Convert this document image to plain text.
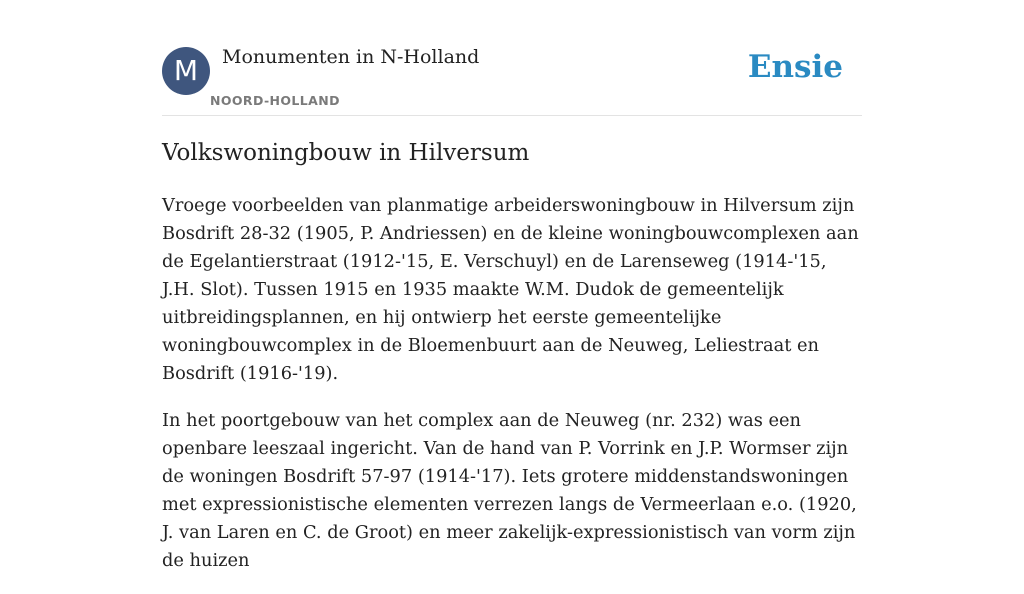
M	Monumenten in N-Holland
NOORD-HOLLAND
Ensie
Volkswoningbouw in Hilversum

Vroege voorbeelden van planmatige arbeiderswoningbouw in Hilversum zijn Bosdrift 28-32 (1905, P. Andriessen) en de kleine woningbouwcomplexen aan de Egelantierstraat (1912-'15, E. Verschuyl) en de Larenseweg (1914-'15, J.H. Slot). Tussen 1915 en 1935 maakte W.M. Dudok de gemeentelijk uitbreidingsplannen, en hij ontwierp het eerste gemeentelijke woningbouwcomplex in de Bloemenbuurt aan de Neuweg, Leliestraat en Bosdrift (1916-'19).

In het poortgebouw van het complex aan de Neuweg (nr. 232) was een openbare leeszaal ingericht. Van de hand van P. Vorrink en J.P. Wormser zijn de woningen Bosdrift 57-97 (1914-'17). Iets grotere middenstandswoningen met expressionistische elementen verrezen langs de Vermeerlaan e.o. (1920, J. van Laren en C. de Groot) en meer zakelijk-expressionistisch van vorm zijn de huizen
